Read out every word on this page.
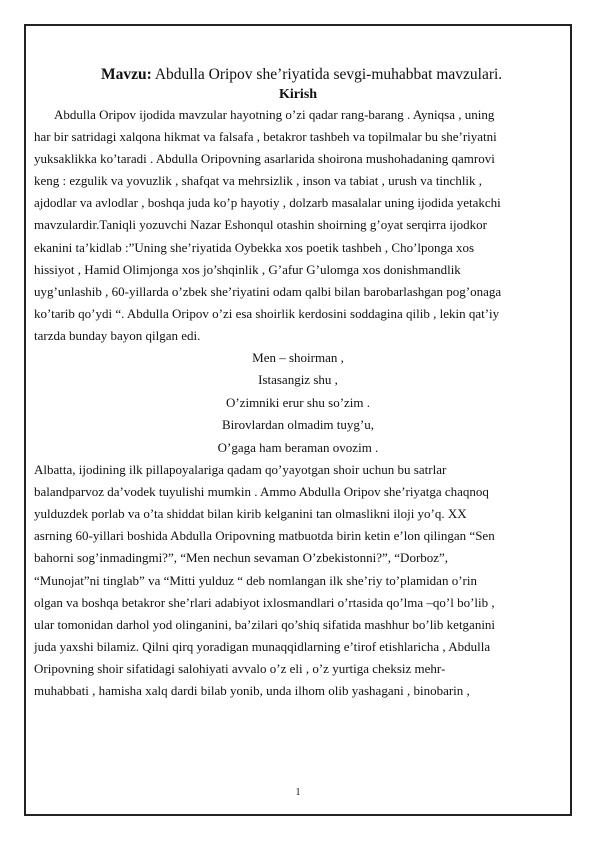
Mavzu: Abdulla Oripov she’riyatida sevgi-muhabbat mavzulari.

Kirish

Abdulla Oripov ijodida mavzular hayotning o’zi qadar rang-barang . Ayniqsa , uning

har bir satridagi xalqona hikmat va falsafa , betakror tashbeh va topilmalar bu she’riyatni

yuksaklikka ko’taradi . Abdulla Oripovning asarlarida shoirona mushohadaning qamrovi

keng : ezgulik va yovuzlik , shafqat va mehrsizlik , inson va tabiat , urush va tinchlik ,

ajdodlar va avlodlar , boshqa juda ko’p hayotiy , dolzarb masalalar uning ijodida yetakchi

mavzulardir.Taniqli yozuvchi Nazar Eshonqul otashin shoirning g’oyat serqirra ijodkor

ekanini ta’kidlab :”Uning she’riyatida Oybekka xos poetik tashbeh , Cho’lponga xos

hissiyot , Hamid Olimjonga xos jo’shqinlik , G’afur G’ulomga xos donishmandlik

uyg’unlashib , 60-yillarda o’zbek she’riyatini odam qalbi bilan barobarlashgan pog’onaga

ko’tarib qo’ydi “. Abdulla Oripov o’zi esa shoirlik kerdosini soddagina qilib , lekin qat’iy

tarzda bunday bayon qilgan edi.

Men – shoirman ,

Istasangiz shu ,

O’zimniki erur shu so’zim .

Birovlardan olmadim tuyg’u,

O’gaga ham beraman ovozim .

Albatta, ijodining ilk pillapoyalariga qadam qo’yayotgan shoir uchun bu satrlar

balandparvoz da’vodek tuyulishi mumkin . Ammo Abdulla Oripov she’riyatga chaqnoq

yulduzdek porlab va o’ta shiddat bilan kirib kelganini tan olmaslikni iloji yo’q. XX

asrning 60-yillari boshida Abdulla Oripovning matbuotda birin ketin e’lon qilingan “Sen

bahorni sog’inmadingmi?”, “Men nechun sevaman O’zbekistonni?”, “Dorboz”,

“Munojat”ni tinglab” va “Mitti yulduz “ deb nomlangan ilk she’riy to’plamidan o’rin

olgan va boshqa betakror she’rlari adabiyot ixlosmandlari o’rtasida qo’lma –qo’l bo’lib ,

ular tomonidan darhol yod olinganini, ba’zilari qo’shiq sifatida mashhur bo’lib ketganini

juda yaxshi bilamiz. Qilni qirq yoradigan munaqqidlarning e’tirof etishlaricha , Abdulla

Oripovning shoir sifatidagi salohiyati avvalo o’z eli , o’z yurtiga cheksiz mehr-

muhabbati , hamisha xalq dardi bilab yonib, unda ilhom olib yashagani , binobarin ,

1
